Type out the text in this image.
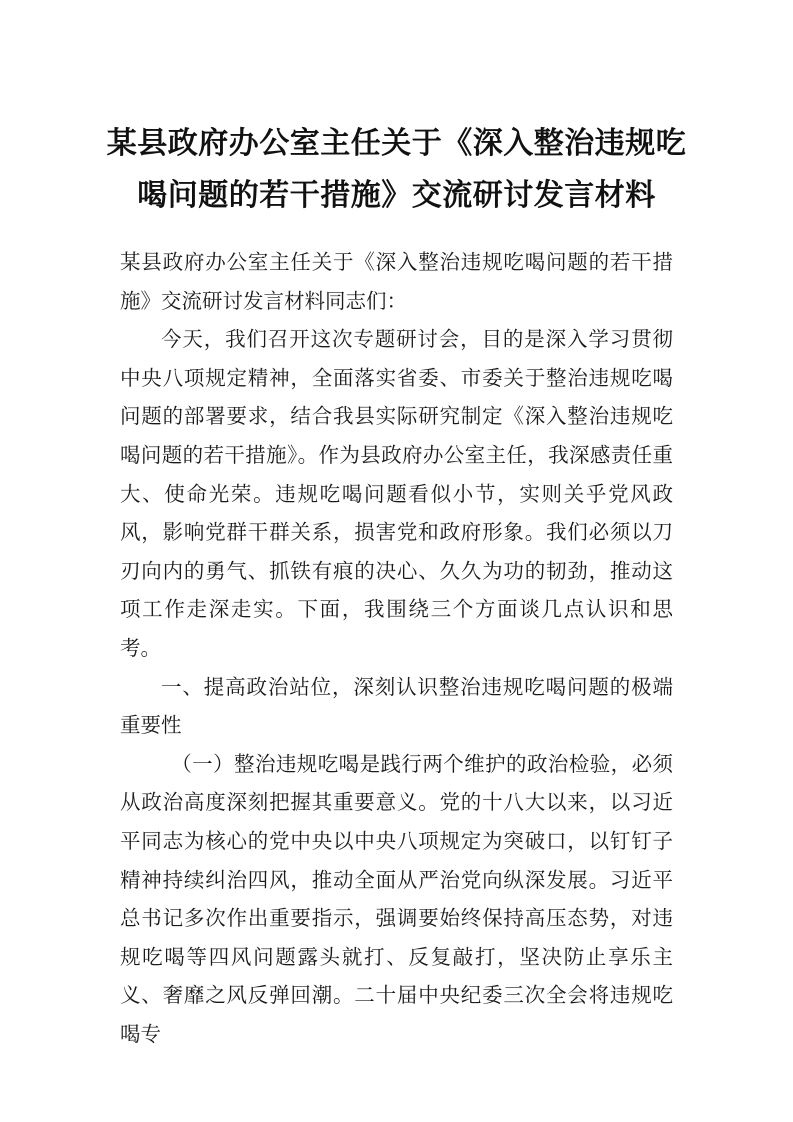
某县政府办公室主任关于《深入整治违规吃喝问题的若干措施》交流研讨发言材料

某县政府办公室主任关于《深入整治违规吃喝问题的若干措施》交流研讨发言材料同志们：

今天，我们召开这次专题研讨会，目的是深入学习贯彻中央八项规定精神，全面落实省委、市委关于整治违规吃喝问题的部署要求，结合我县实际研究制定《深入整治违规吃喝问题的若干措施》。作为县政府办公室主任，我深感责任重大、使命光荣。违规吃喝问题看似小节，实则关乎党风政风，影响党群干群关系，损害党和政府形象。我们必须以刀刃向内的勇气、抓铁有痕的决心、久久为功的韧劲，推动这项工作走深走实。下面，我围绕三个方面谈几点认识和思考。

一、提高政治站位，深刻认识整治违规吃喝问题的极端重要性

（一）整治违规吃喝是践行两个维护的政治检验，必须从政治高度深刻把握其重要意义。党的十八大以来，以习近平同志为核心的党中央以中央八项规定为突破口，以钉钉子精神持续纠治四风，推动全面从严治党向纵深发展。习近平总书记多次作出重要指示，强调要始终保持高压态势，对违规吃喝等四风问题露头就打、反复敲打，坚决防止享乐主义、奢靡之风反弹回潮。二十届中央纪委三次全会将违规吃喝专
